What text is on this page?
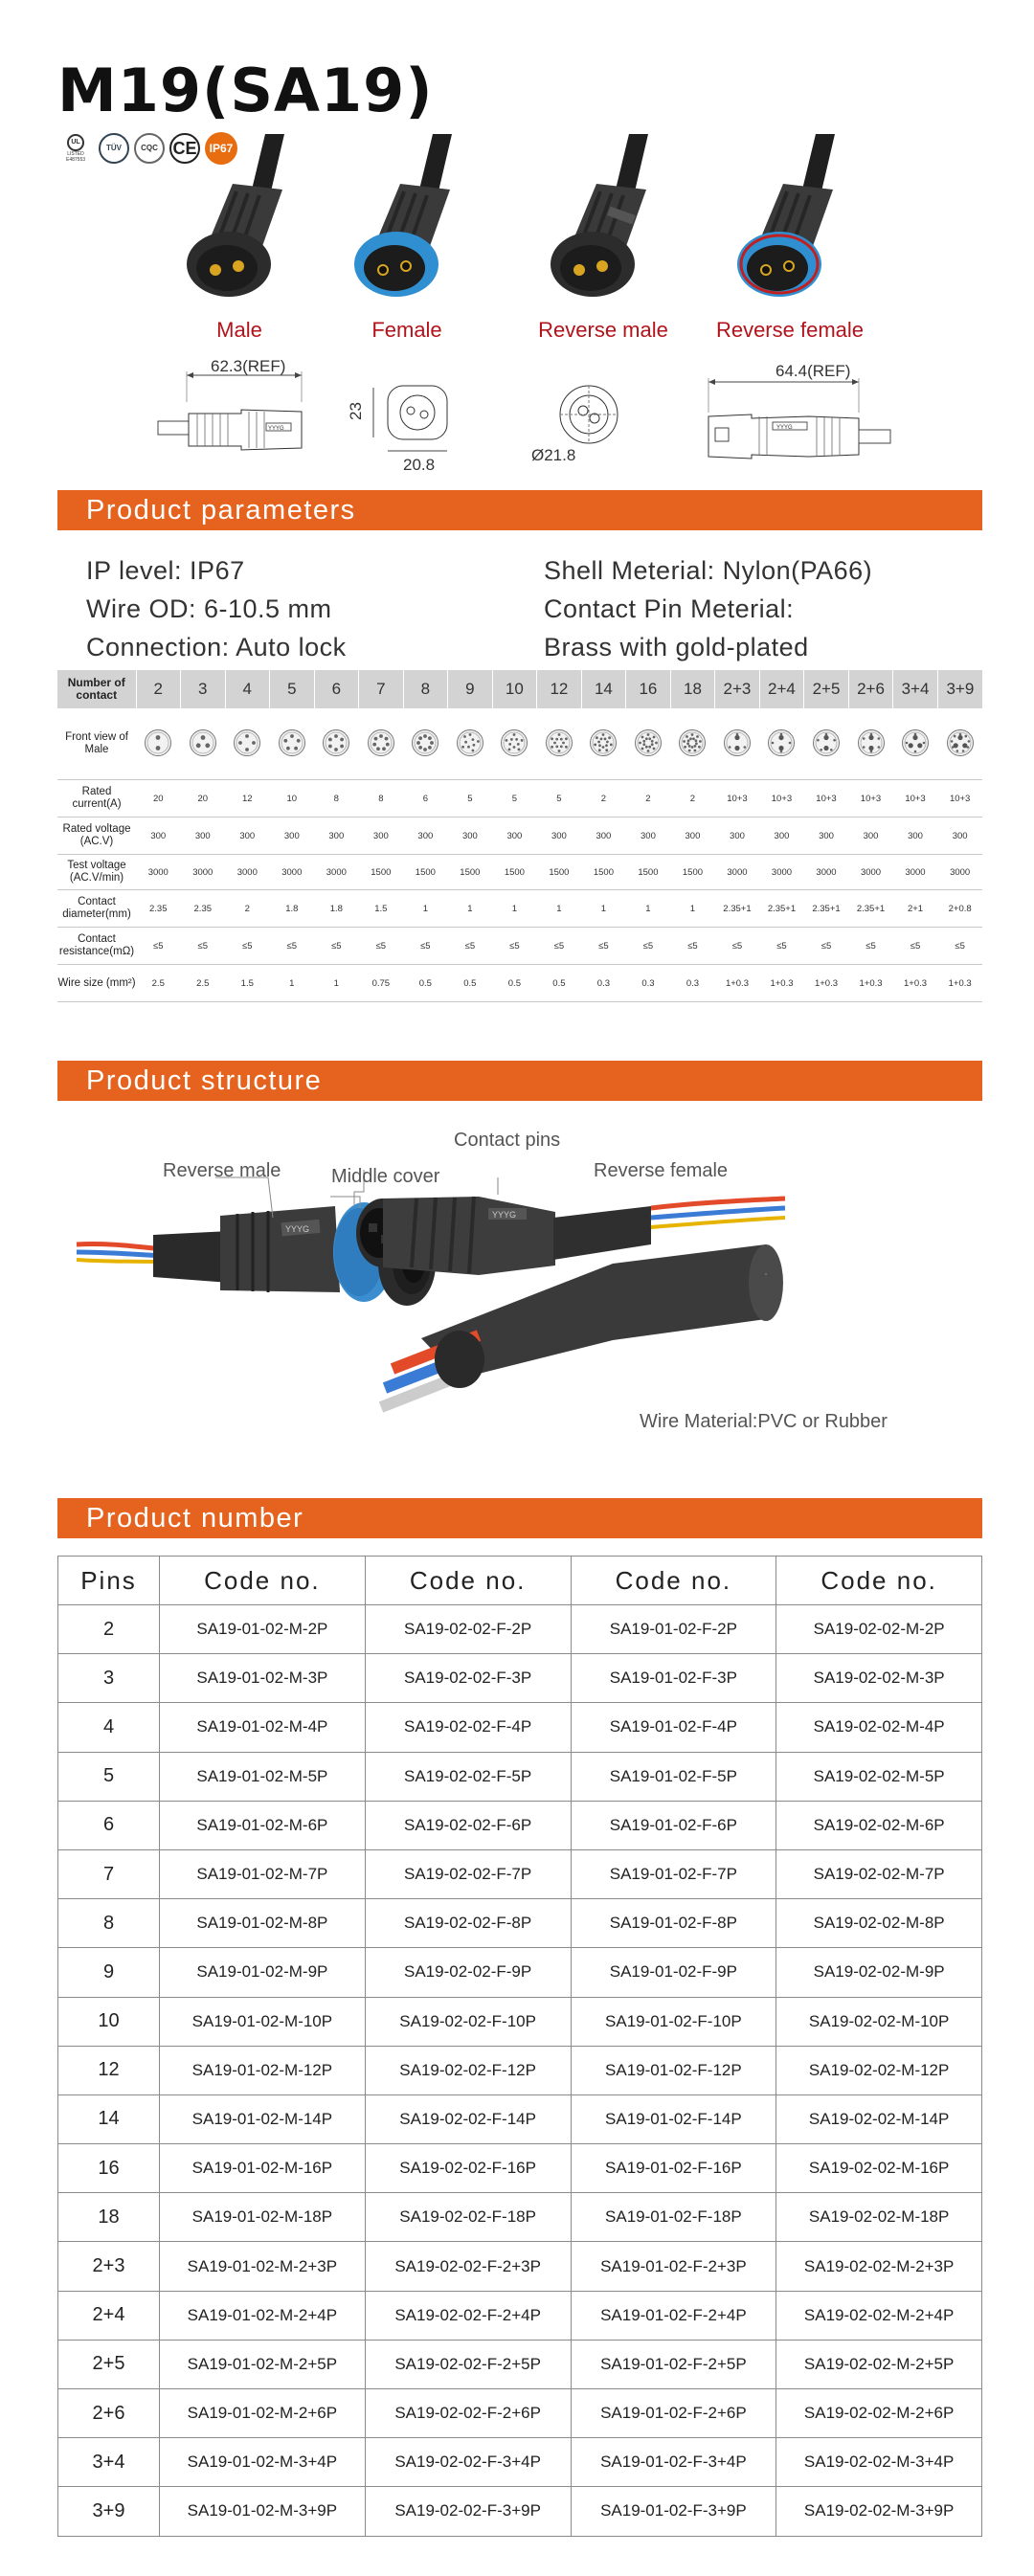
M19(SA19)
UL
LISTED E487553
TÜV	CQC CE	IP67
Male	Female	Reverse male	Reverse female
62.3(REF)
YYYG
23
20.8
Ø21.8
64.4(REF)
YYYG
Product parameters
IP level: IP67
Wire OD: 6-10.5 mm
Connection: Auto lock
Shell Meterial: Nylon(PA66)
Contact Pin Meterial:
Brass with gold-plated
Number of contact	2	3	4	5	6	7	8	9	10	12	14	16	18	2+3	2+4	2+5	2+6	3+4	3+9
Front view of Male																			
Rated current(A)	20	20	12	10	8	8	6	5	5	5	2	2	2	10+3	10+3	10+3	10+3	10+3	10+3
Rated voltage (AC.V)	300	300	300	300	300	300	300	300	300	300	300	300	300	300	300	300	300	300	300
Test voltage (AC.V/min)	3000	3000	3000	3000	3000	1500	1500	1500	1500	1500	1500	1500	1500	3000	3000	3000	3000	3000	3000
Contact diameter(mm)	2.35	2.35	2	1.8	1.8	1.5	1	1	1	1	1	1	1	2.35+1	2.35+1	2.35+1	2.35+1	2+1	2+0.8
Contact resistance(mΩ)	≤5	≤5	≤5	≤5	≤5	≤5	≤5	≤5	≤5	≤5	≤5	≤5	≤5	≤5	≤5	≤5	≤5	≤5	≤5
Wire size (mm²)	2.5	2.5	1.5	1	1	0.75	0.5	0.5	0.5	0.5	0.3	0.3	0.3	1+0.3	1+0.3	1+0.3	1+0.3	1+0.3	1+0.3
Product structure
YYYG
YYYG
Reverse male	Middle cover
Contact pins
Reverse female
Wire Material:PVC or Rubber
Product number
Pins	Code no.	Code no.	Code no.	Code no.
2	SA19-01-02-M-2P	SA19-02-02-F-2P	SA19-01-02-F-2P	SA19-02-02-M-2P
3	SA19-01-02-M-3P	SA19-02-02-F-3P	SA19-01-02-F-3P	SA19-02-02-M-3P
4	SA19-01-02-M-4P	SA19-02-02-F-4P	SA19-01-02-F-4P	SA19-02-02-M-4P
5	SA19-01-02-M-5P	SA19-02-02-F-5P	SA19-01-02-F-5P	SA19-02-02-M-5P
6	SA19-01-02-M-6P	SA19-02-02-F-6P	SA19-01-02-F-6P	SA19-02-02-M-6P
7	SA19-01-02-M-7P	SA19-02-02-F-7P	SA19-01-02-F-7P	SA19-02-02-M-7P
8	SA19-01-02-M-8P	SA19-02-02-F-8P	SA19-01-02-F-8P	SA19-02-02-M-8P
9	SA19-01-02-M-9P	SA19-02-02-F-9P	SA19-01-02-F-9P	SA19-02-02-M-9P
10	SA19-01-02-M-10P	SA19-02-02-F-10P	SA19-01-02-F-10P	SA19-02-02-M-10P
12	SA19-01-02-M-12P	SA19-02-02-F-12P	SA19-01-02-F-12P	SA19-02-02-M-12P
14	SA19-01-02-M-14P	SA19-02-02-F-14P	SA19-01-02-F-14P	SA19-02-02-M-14P
16	SA19-01-02-M-16P	SA19-02-02-F-16P	SA19-01-02-F-16P	SA19-02-02-M-16P
18	SA19-01-02-M-18P	SA19-02-02-F-18P	SA19-01-02-F-18P	SA19-02-02-M-18P
2+3	SA19-01-02-M-2+3P	SA19-02-02-F-2+3P	SA19-01-02-F-2+3P	SA19-02-02-M-2+3P
2+4	SA19-01-02-M-2+4P	SA19-02-02-F-2+4P	SA19-01-02-F-2+4P	SA19-02-02-M-2+4P
2+5	SA19-01-02-M-2+5P	SA19-02-02-F-2+5P	SA19-01-02-F-2+5P	SA19-02-02-M-2+5P
2+6	SA19-01-02-M-2+6P	SA19-02-02-F-2+6P	SA19-01-02-F-2+6P	SA19-02-02-M-2+6P
3+4	SA19-01-02-M-3+4P	SA19-02-02-F-3+4P	SA19-01-02-F-3+4P	SA19-02-02-M-3+4P
3+9	SA19-01-02-M-3+9P	SA19-02-02-F-3+9P	SA19-01-02-F-3+9P	SA19-02-02-M-3+9P
